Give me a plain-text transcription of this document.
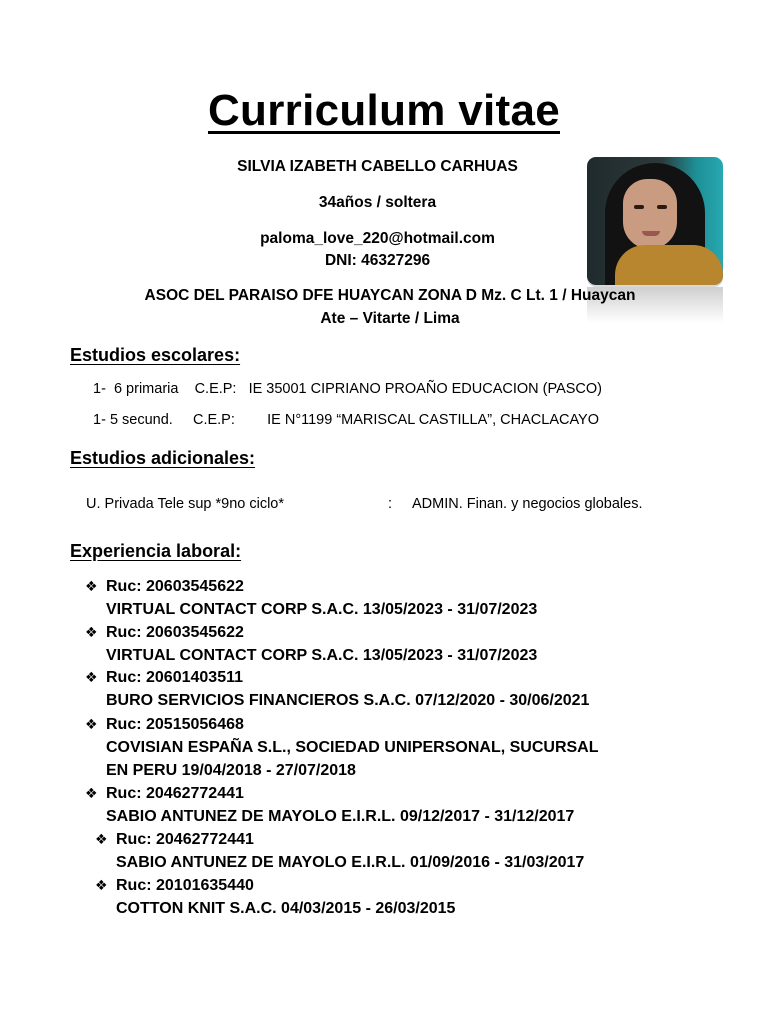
Curriculum vitae
SILVIA IZABETH CABELLO CARHUAS
34años / soltera
paloma_love_220@hotmail.com
DNI: 46327296
ASOC DEL PARAISO DFE HUAYCAN ZONA D Mz. C Lt. 1 / Huaycan
Ate – Vitarte / Lima
Estudios escolares:
1- 6 primaria C.E.P: IE 35001 CIPRIANO PROAÑO EDUCACION (PASCO)
1- 5 secund. C.E.P: IE N°1199 “MARISCAL CASTILLA”, CHACLACAYO
Estudios adicionales:
U. Privada Tele sup *9no ciclo*	: ADMIN. Finan. y negocios globales.
Experiencia laboral:
❖ Ruc: 20603545622
VIRTUAL CONTACT CORP S.A.C. 13/05/2023 - 31/07/2023
❖ Ruc: 20603545622
VIRTUAL CONTACT CORP S.A.C. 13/05/2023 - 31/07/2023
❖ Ruc: 20601403511
BURO SERVICIOS FINANCIEROS S.A.C. 07/12/2020 - 30/06/2021
❖ Ruc: 20515056468
COVISIAN ESPAÑA S.L., SOCIEDAD UNIPERSONAL, SUCURSAL
EN PERU 19/04/2018 - 27/07/2018
❖ Ruc: 20462772441
SABIO ANTUNEZ DE MAYOLO E.I.R.L. 09/12/2017 - 31/12/2017
❖ Ruc: 20462772441
SABIO ANTUNEZ DE MAYOLO E.I.R.L. 01/09/2016 - 31/03/2017
❖ Ruc: 20101635440
COTTON KNIT S.A.C. 04/03/2015 - 26/03/2015
